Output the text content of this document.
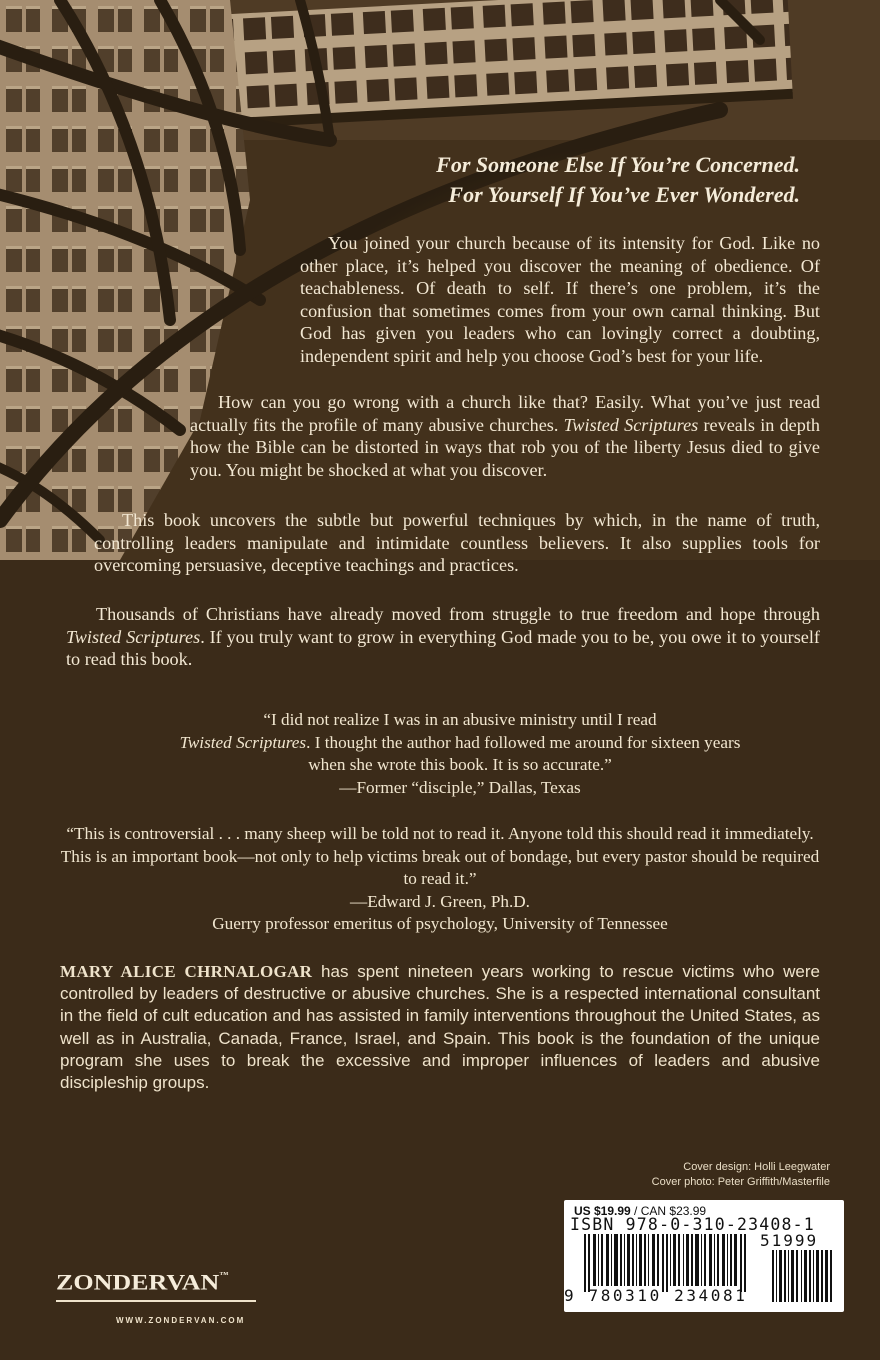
For Someone Else If You’re Concerned.
For Yourself If You’ve Ever Wondered.

You joined your church because of its intensity for God. Like no other place, it’s helped you discover the meaning of obedience. Of teachableness. Of death to self. If there’s one problem, it’s the confusion that sometimes comes from your own carnal thinking. But God has given you leaders who can lovingly correct a doubting, independent spirit and help you choose God’s best for your life.

How can you go wrong with a church like that? Easily. What you’ve just read actually fits the profile of many abusive churches. Twisted Scriptures reveals in depth how the Bible can be distorted in ways that rob you of the liberty Jesus died to give you. You might be shocked at what you discover.

This book uncovers the subtle but powerful techniques by which, in the name of truth, controlling leaders manipulate and intimidate countless believers. It also supplies tools for overcoming persuasive, deceptive teachings and practices.

Thousands of Christians have already moved from struggle to true freedom and hope through Twisted Scriptures. If you truly want to grow in everything God made you to be, you owe it to yourself to read this book.

“I did not realize I was in an abusive ministry until I read
Twisted Scriptures. I thought the author had followed me around for sixteen years when she wrote this book. It is so accurate.”
—Former “disciple,” Dallas, Texas
“This is controversial . . . many sheep will be told not to read it. Anyone told this should read it immediately. This is an important book—not only to help victims break out of bondage, but every pastor should be required to read it.”
—Edward J. Green, Ph.D.
Guerry professor emeritus of psychology, University of Tennessee
MARY ALICE CHRNALOGAR has spent nineteen years working to rescue victims who were controlled by leaders of destructive or abusive churches. She is a respected international consultant in the field of cult education and has assisted in family interventions throughout the United States, as well as in Australia, Canada, France, Israel, and Spain. This book is the foundation of the unique program she uses to break the excessive and improper influences of leaders and abusive discipleship groups.
Cover design: Holli Leegwater
Cover photo: Peter Griffith/Masterfile
US $19.99 / CAN $23.99
ISBN 978-0-310-23408-1
51999
9 780310 234081
ZONDERVAN™
WWW.ZONDERVAN.COM
